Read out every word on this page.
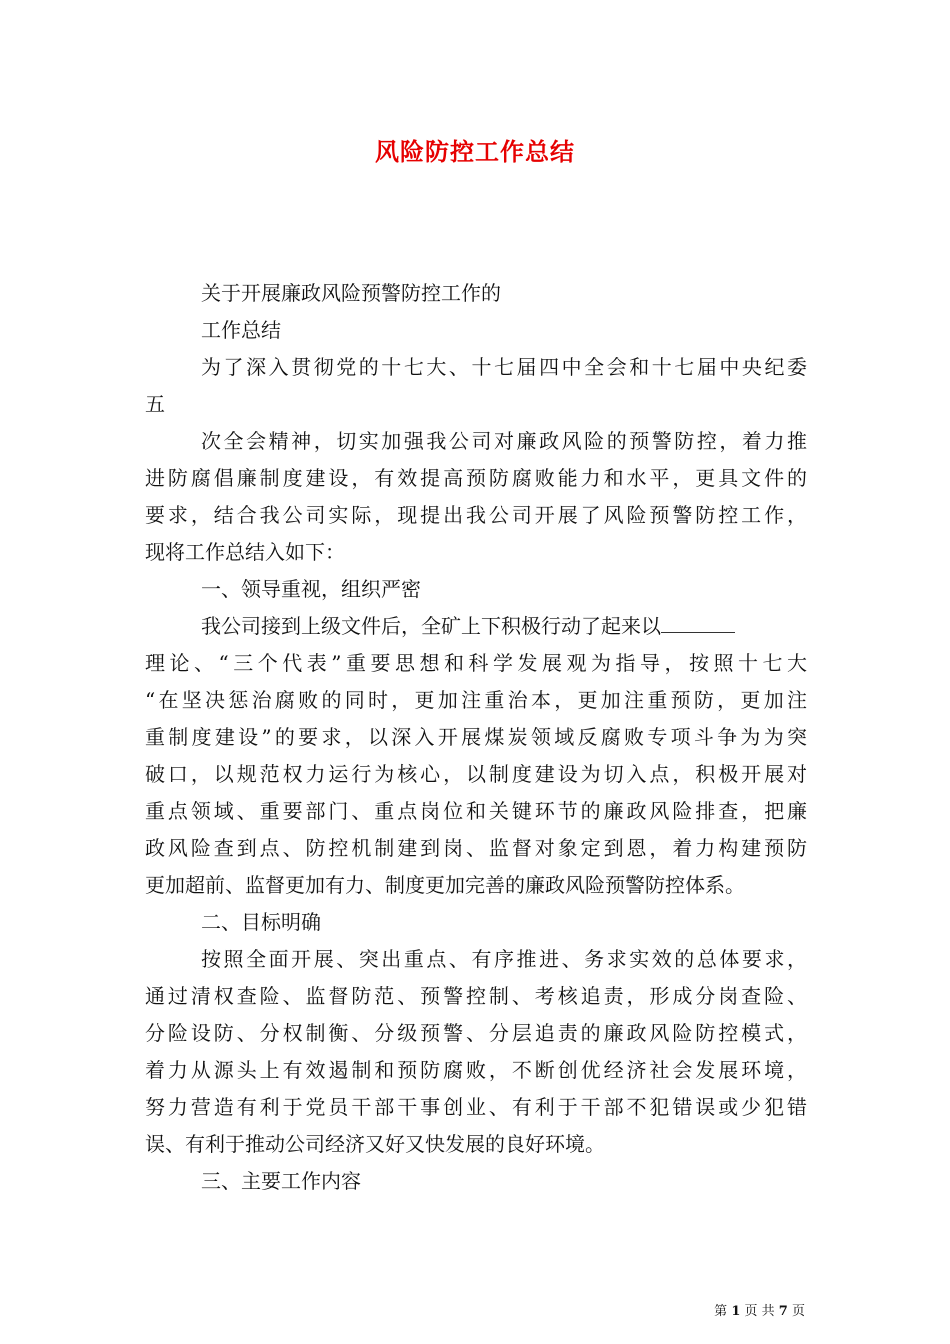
风险防控工作总结

关于开展廉政风险预警防控工作的

工作总结

为了深入贯彻党的十七大、十七届四中全会和十七届中央纪委

五

次全会精神，切实加强我公司对廉政风险的预警防控，着力推

进防腐倡廉制度建设，有效提高预防腐败能力和水平，更具文件的

要求，结合我公司实际，现提出我公司开展了风险预警防控工作，

现将工作总结入如下：

一、领导重视，组织严密

我公司接到上级文件后，全矿上下积极行动了起来以

理论、“三个代表”重要思想和科学发展观为指导，按照十七大

“在坚决惩治腐败的同时，更加注重治本，更加注重预防，更加注

重制度建设”的要求，以深入开展煤炭领域反腐败专项斗争为为突

破口，以规范权力运行为核心，以制度建设为切入点，积极开展对

重点领域、重要部门、重点岗位和关键环节的廉政风险排查，把廉

政风险查到点、防控机制建到岗、监督对象定到恩，着力构建预防

更加超前、监督更加有力、制度更加完善的廉政风险预警防控体系。

二、目标明确

按照全面开展、突出重点、有序推进、务求实效的总体要求，

通过清权查险、监督防范、预警控制、考核追责，形成分岗查险、

分险设防、分权制衡、分级预警、分层追责的廉政风险防控模式，

着力从源头上有效遏制和预防腐败，不断创优经济社会发展环境，

努力营造有利于党员干部干事创业、有利于干部不犯错误或少犯错

误、有利于推动公司经济又好又快发展的良好环境。

三、主要工作内容

第 1 页 共 7 页
